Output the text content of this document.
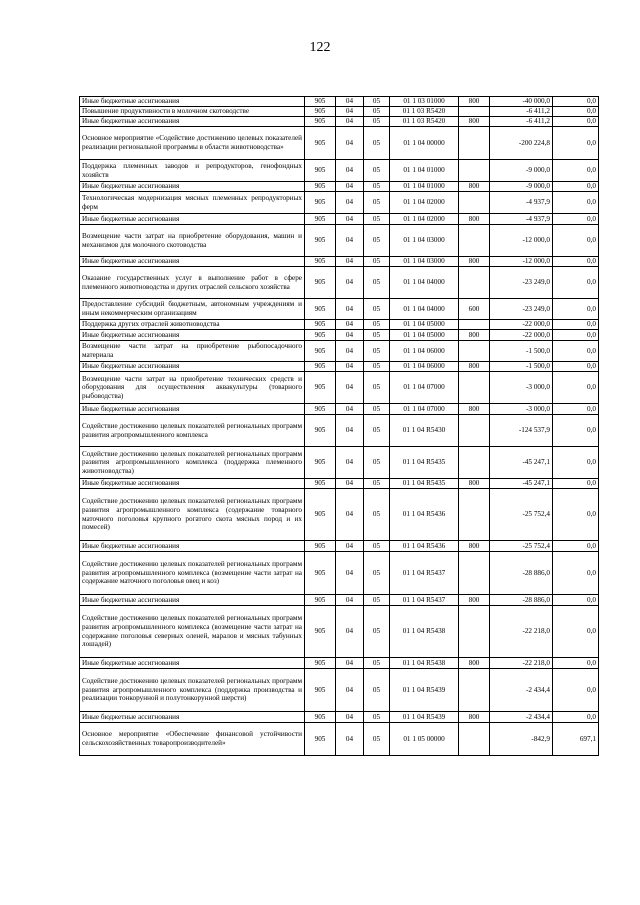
122
Иные бюджетные ассигнования	905	04	05	01 1 03 01000	800	-40 000,0	0,0
Повышение продуктивности в молочном скотоводстве	905	04	05	01 1 03 R5420		-6 411,2	0,0
Иные бюджетные ассигнования	905	04	05	01 1 03 R5420	800	-6 411,2	0,0
Основное мероприятие «Содействие достижению целевых показателей реализации региональной программы в области животноводства»	905	04	05	01 1 04 00000		-200 224,8	0,0
Поддержка племенных заводов и репродукторов, генофондных хозяйств	905	04	05	01 1 04 01000		-9 000,0	0,0
Иные бюджетные ассигнования	905	04	05	01 1 04 01000	800	-9 000,0	0,0
Технологическая модернизация мясных племенных репродукторных ферм	905	04	05	01 1 04 02000		-4 937,9	0,0
Иные бюджетные ассигнования	905	04	05	01 1 04 02000	800	-4 937,9	0,0
Возмещение части затрат на приобретение оборудования, машин и механизмов для молочного скотоводства	905	04	05	01 1 04 03000		-12 000,0	0,0
Иные бюджетные ассигнования	905	04	05	01 1 04 03000	800	-12 000,0	0,0
Оказание государственных услуг в выполнение работ в сфере племенного животноводства и других отраслей сельского хозяйства	905	04	05	01 1 04 04000		-23 249,0	0,0
Предоставление субсидий бюджетным, автономным учреждениям и иным некоммерческим организациям	905	04	05	01 1 04 04000	600	-23 249,0	0,0
Поддержка других отраслей животноводства	905	04	05	01 1 04 05000		-22 000,0	0,0
Иные бюджетные ассигнования	905	04	05	01 1 04 05000	800	-22 000,0	0,0
Возмещение части затрат на приобретение рыбопосадочного материала	905	04	05	01 1 04 06000		-1 500,0	0,0
Иные бюджетные ассигнования	905	04	05	01 1 04 06000	800	-1 500,0	0,0
Возмещение части затрат на приобретение технических средств и оборудования для осуществления аквакультуры (товарного рыбоводства)	905	04	05	01 1 04 07000		-3 000,0	0,0
Иные бюджетные ассигнования	905	04	05	01 1 04 07000	800	-3 000,0	0,0
Содействие достижению целевых показателей региональных программ развития агропромышленного комплекса	905	04	05	01 1 04 R5430		-124 537,9	0,0
Содействие достижению целевых показателей региональных программ развития агропромышленного комплекса (поддержка племенного животноводства)	905	04	05	01 1 04 R5435		-45 247,1	0,0
Иные бюджетные ассигнования	905	04	05	01 1 04 R5435	800	-45 247,1	0,0
Содействие достижению целевых показателей региональных программ развития агропромышленного комплекса (содержание товарного маточного поголовья крупного рогатого скота мясных пород и их помесей)	905	04	05	01 1 04 R5436		-25 752,4	0,0
Иные бюджетные ассигнования	905	04	05	01 1 04 R5436	800	-25 752,4	0,0
Содействие достижению целевых показателей региональных программ развития агропромышленного комплекса (возмещение части затрат на содержание маточного поголовья овец и коз)	905	04	05	01 1 04 R5437		-28 886,0	0,0
Иные бюджетные ассигнования	905	04	05	01 1 04 R5437	800	-28 886,0	0,0
Содействие достижению целевых показателей региональных программ развития агропромышленного комплекса (возмещение части затрат на содержание поголовья северных оленей, маралов и мясных табунных лошадей)	905	04	05	01 1 04 R5438		-22 218,0	0,0
Иные бюджетные ассигнования	905	04	05	01 1 04 R5438	800	-22 218,0	0,0
Содействие достижению целевых показателей региональных программ развития агропромышленного комплекса (поддержка производства и реализации тонкорунной и полутонкорунной шерсти)	905	04	05	01 1 04 R5439		-2 434,4	0,0
Иные бюджетные ассигнования	905	04	05	01 1 04 R5439	800	-2 434,4	0,0
Основное мероприятие «Обеспечение финансовой устойчивости сельскохозяйственных товаропроизводителей»	905	04	05	01 1 05 00000		-842,9	697,1
